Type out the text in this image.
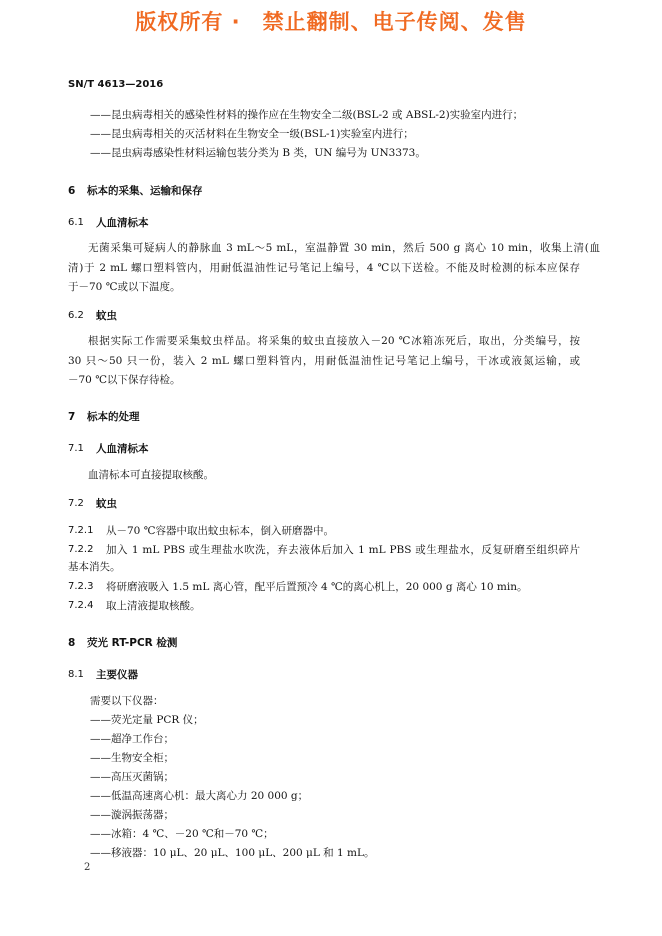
版权所有 ·　禁止翻制、电子传阅、发售
SN/T 4613—2016
——昆虫病毒相关的感染性材料的操作应在生物安全二级(BSL-2 或 ABSL-2)实验室内进行；
——昆虫病毒相关的灭活材料在生物安全一级(BSL-1)实验室内进行；
——昆虫病毒感染性材料运输包装分类为 B 类，UN 编号为 UN3373。
6 标本的采集、运输和保存
6.1 人血清标本
无菌采集可疑病人的静脉血 3 mL～5 mL，室温静置 30 min，然后 500 g 离心 10 min，收集上清(血
清)于 2 mL 螺口塑料管内，用耐低温油性记号笔记上编号，4 ℃以下送检。不能及时检测的标本应保存
于－70 ℃或以下温度。
6.2 蚊虫
根据实际工作需要采集蚊虫样品。将采集的蚊虫直接放入－20 ℃冰箱冻死后，取出，分类编号，按
30 只～50 只一份，装入 2 mL 螺口塑料管内，用耐低温油性记号笔记上编号，干冰或液氮运输，或
－70 ℃以下保存待检。
7 标本的处理
7.1 人血清标本
血清标本可直接提取核酸。
7.2 蚊虫
7.2.1 从－70 ℃容器中取出蚊虫标本，倒入研磨器中。
7.2.2 加入 1 mL PBS 或生理盐水吹洗，弃去液体后加入 1 mL PBS 或生理盐水，反复研磨至组织碎片
基本消失。
7.2.3 将研磨液吸入 1.5 mL 离心管，配平后置预冷 4 ℃的离心机上，20 000 g 离心 10 min。
7.2.4 取上清液提取核酸。
8 荧光 RT-PCR 检测
8.1 主要仪器
需要以下仪器：
——荧光定量 PCR 仪；
——超净工作台；
——生物安全柜；
——高压灭菌锅；
——低温高速离心机：最大离心力 20 000 g；
——漩涡振荡器；
——冰箱：4 ℃、－20 ℃和－70 ℃；
——移液器：10 μL、20 μL、100 μL、200 μL 和 1 mL。
2
